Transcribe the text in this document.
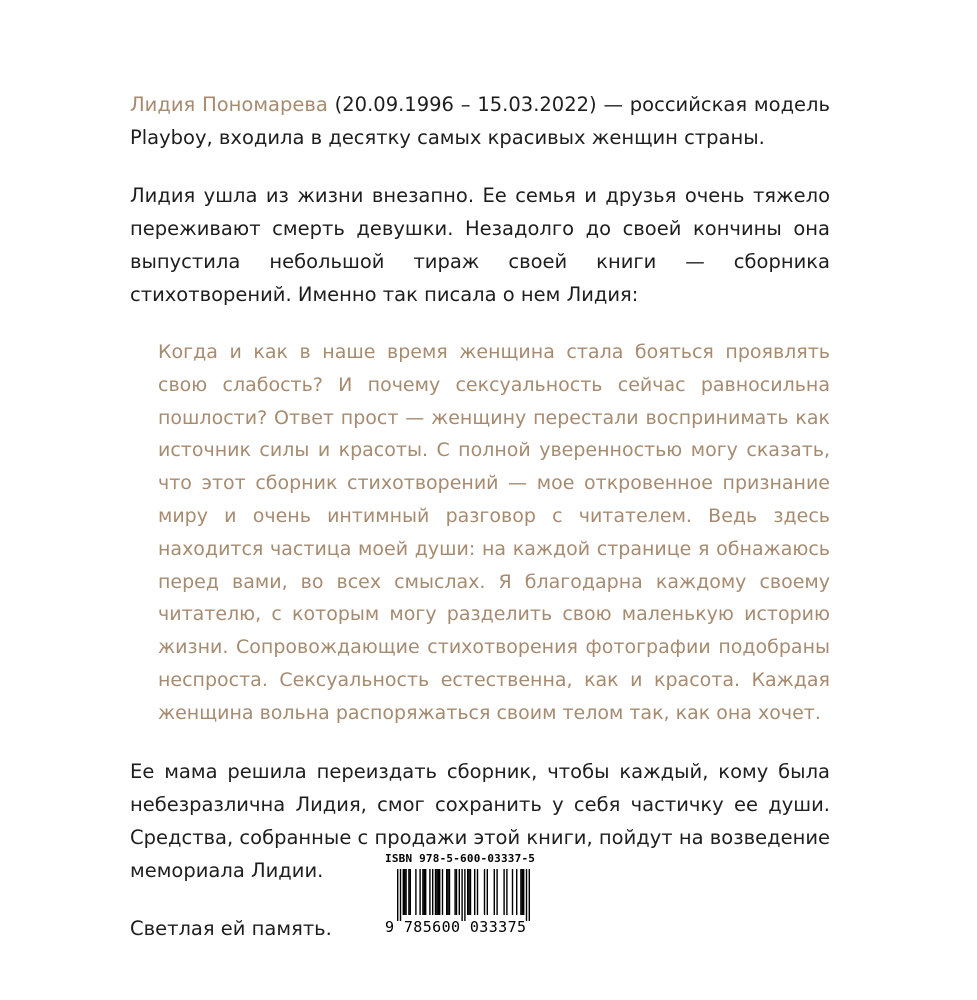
Лидия Пономарева (20.09.1996 – 15.03.2022) — российская модель Playboy, входила в десятку самых красивых женщин страны.

Лидия ушла из жизни внезапно. Ее семья и друзья очень тяжело переживают смерть девушки. Незадолго до своей кончины она выпустила небольшой тираж своей книги — сборника стихотворений. Именно так писала о нем Лидия:

Когда и как в наше время женщина стала бояться проявлять свою слабость? И почему сексуальность сейчас равносильна пошлости? Ответ прост — женщину перестали воспринимать как источник силы и красоты. С полной уверенностью могу сказать, что этот сборник стихотворений — мое откровенное признание миру и очень интимный разговор с читателем. Ведь здесь находится частица моей души: на каждой странице я обнажаюсь перед вами, во всех смыслах. Я благодарна каждому своему читателю, с которым могу разделить свою маленькую историю жизни. Сопровождающие стихотворения фотографии подобраны неспроста. Сексуальность естественна, как и красота. Каждая женщина вольна распоряжаться своим телом так, как она хочет.

Ее мама решила переиздать сборник, чтобы каждый, кому была небезразлична Лидия, смог сохранить у себя частичку ее души. Средства, собранные с продажи этой книги, пойдут на возведение мемориала Лидии.

Светлая ей память.

ISBN 978-5-600-03337-5
9 785600 033375
